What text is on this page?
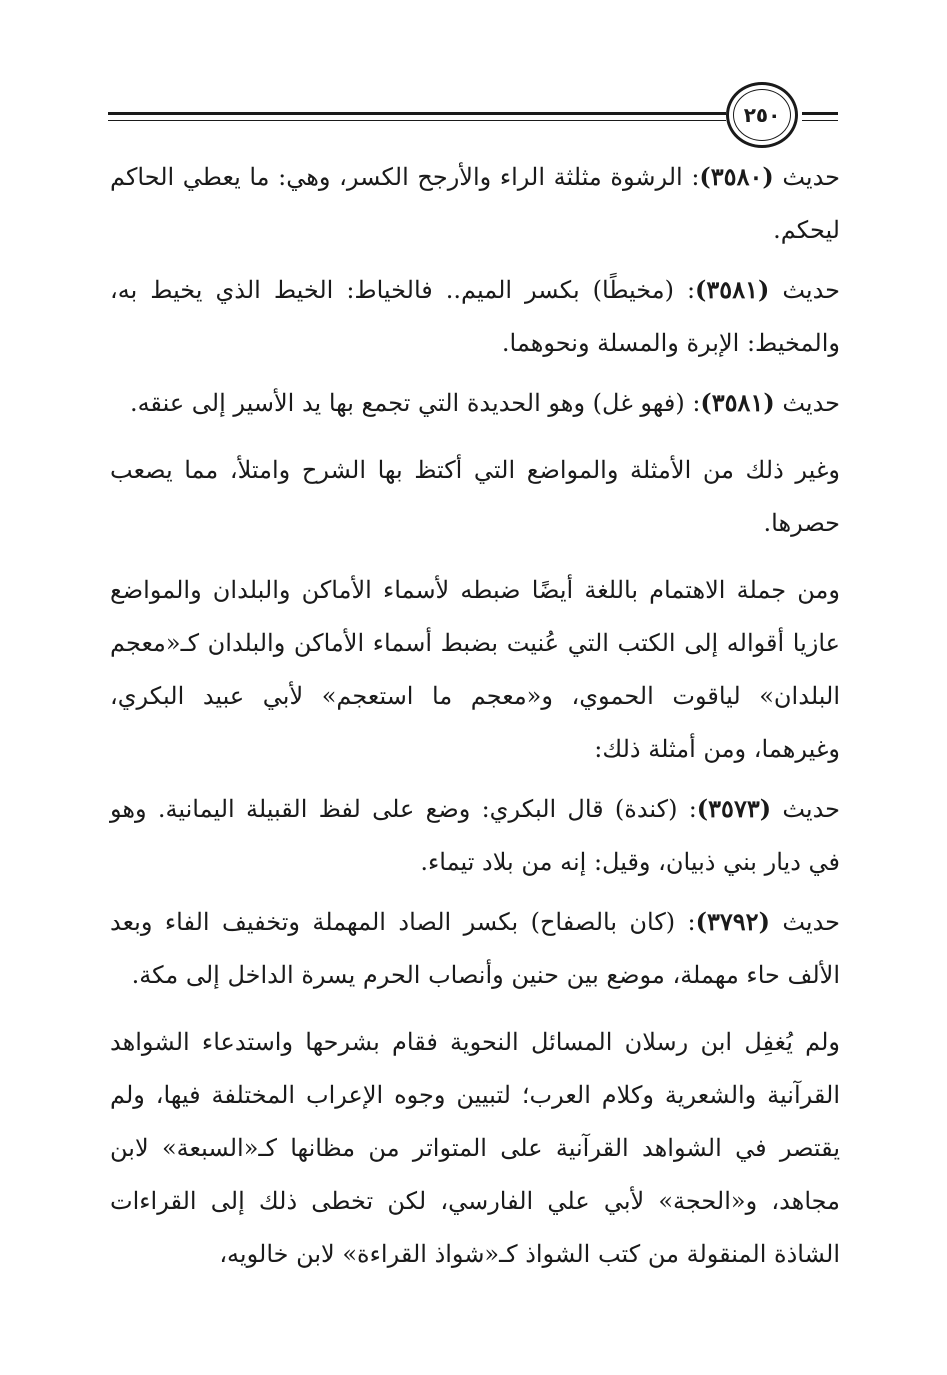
٢٥٠

حديث (٣٥٨٠): الرشوة مثلثة الراء والأرجح الكسر، وهي: ما يعطي الحاكم ليحكم.

حديث (٣٥٨١): (مخيطًا) بكسر الميم.. فالخياط: الخيط الذي يخيط به، والمخيط: الإبرة والمسلة ونحوهما.

حديث (٣٥٨١): (فهو غل) وهو الحديدة التي تجمع بها يد الأسير إلى عنقه.

وغير ذلك من الأمثلة والمواضع التي أكتظ بها الشرح وامتلأ، مما يصعب حصرها.

ومن جملة الاهتمام باللغة أيضًا ضبطه لأسماء الأماكن والبلدان والمواضع عازيا أقواله إلى الكتب التي عُنيت بضبط أسماء الأماكن والبلدان كـ«معجم البلدان» لياقوت الحموي، و«معجم ما استعجم» لأبي عبيد البكري، وغيرهما، ومن أمثلة ذلك:

حديث (٣٥٧٣): (كندة) قال البكري: وضع على لفظ القبيلة اليمانية. وهو في ديار بني ذبيان، وقيل: إنه من بلاد تيماء.

حديث (٣٧٩٢): (كان بالصفاح) بكسر الصاد المهملة وتخفيف الفاء وبعد الألف حاء مهملة، موضع بين حنين وأنصاب الحرم يسرة الداخل إلى مكة.

ولم يُغفِل ابن رسلان المسائل النحوية فقام بشرحها واستدعاء الشواهد القرآنية والشعرية وكلام العرب؛ لتبيين وجوه الإعراب المختلفة فيها، ولم يقتصر في الشواهد القرآنية على المتواتر من مظانها كـ«السبعة» لابن مجاهد، و«الحجة» لأبي علي الفارسي، لكن تخطى ذلك إلى القراءات الشاذة المنقولة من كتب الشواذ كـ«شواذ القراءة» لابن خالويه،
